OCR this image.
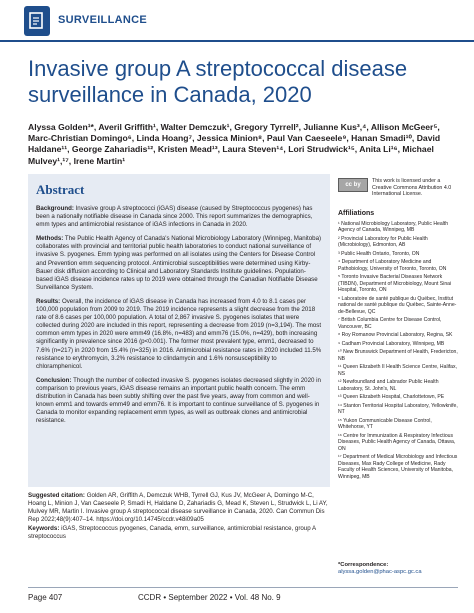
SURVEILLANCE
Invasive group A streptococcal disease surveillance in Canada, 2020
Alyssa Golden¹*, Averil Griffith¹, Walter Demczuk¹, Gregory Tyrrell², Julianne Kus³,⁴, Allison McGeer⁵, Marc-Christian Domingo⁶, Linda Hoang⁷, Jessica Minion⁸, Paul Van Caeseele⁹, Hanan Smadi¹⁰, David Haldane¹¹, George Zahariadis¹², Kristen Mead¹³, Laura Steven¹⁴, Lori Strudwick¹⁵, Anita Li¹⁶, Michael Mulvey¹,¹⁷, Irene Martin¹
Abstract

Background: Invasive group A streptococci (iGAS) disease (caused by Streptococcus pyogenes) has been a nationally notifiable disease in Canada since 2000. This report summarizes the demographics, emm types and antimicrobial resistance of iGAS infections in Canada in 2020.

Methods: The Public Health Agency of Canada's National Microbiology Laboratory (Winnipeg, Manitoba) collaborates with provincial and territorial public health laboratories to conduct national surveillance of invasive S. pyogenes. Emm typing was performed on all isolates using the Centers for Disease Control and Prevention emm sequencing protocol. Antimicrobial susceptibilities were determined using Kirby-Bauer disk diffusion according to Clinical and Laboratory Standards Institute guidelines. Population-based iGAS disease incidence rates up to 2019 were obtained through the Canadian Notifiable Disease Surveillance System.

Results: Overall, the incidence of iGAS disease in Canada has increased from 4.0 to 8.1 cases per 100,000 population from 2009 to 2019. The 2019 incidence represents a slight decrease from the 2018 rate of 8.6 cases per 100,000 population. A total of 2,867 invasive S. pyogenes isolates that were collected during 2020 are included in this report, representing a decrease from 2019 (n=3,194). The most common emm types in 2020 were emm49 (16.8%, n=483) and emm76 (15.0%, n=429), both increasing significantly in prevalence since 2016 (p<0.001). The former most prevalent type, emm1, decreased to 7.6% (n=217) in 2020 from 15.4% (n=325) in 2016. Antimicrobial resistance rates in 2020 included 11.5% resistance to erythromycin, 3.2% resistance to clindamycin and 1.6% nonsusceptibility to chloramphenicol.

Conclusion: Though the number of collected invasive S. pyogenes isolates decreased slightly in 2020 in comparison to previous years, iGAS disease remains an important public health concern. The emm distribution in Canada has been subtly shifting over the past five years, away from common and well-known emm1 and towards emm49 and emm76. It is important to continue surveillance of S. pyogenes in Canada to monitor expanding replacement emm types, as well as outbreak clones and antimicrobial resistance.

Suggested citation: Golden AR, Griffith A, Demczuk WHB, Tyrrell GJ, Kus JV, McGeer A, Domingo M-C, Hoang L, Minion J, Van Caeseele P, Smadi H, Haldane D, Zahariadis G, Mead K, Steven L, Strudwick L, Li AY, Mulvey MR, Martin I. Invasive group A streptococcal disease surveillance in Canada, 2020. Can Commun Dis Rep 2022;48(9):407–14. https://doi.org/10.14745/ccdr.v48i09a05

Keywords: iGAS, Streptococcus pyogenes, Canada, emm, surveillance, antimicrobial resistance, group A streptococcus

cc by
This work is licensed under a Creative Commons Attribution 4.0 International License.
Affiliations
¹ National Microbiology Laboratory, Public Health Agency of Canada, Winnipeg, MB
² Provincial Laboratory for Public Health (Microbiology), Edmonton, AB
³ Public Health Ontario, Toronto, ON
⁴ Department of Laboratory Medicine and Pathobiology, University of Toronto, Toronto, ON
⁵ Toronto Invasive Bacterial Diseases Network (TIBDN), Department of Microbiology, Mount Sinai Hospital, Toronto, ON
⁶ Laboratoire de santé publique du Québec, Institut national de santé publique du Québec, Sainte-Anne-de-Bellevue, QC
⁷ British Columbia Centre for Disease Control, Vancouver, BC
⁸ Roy Romanow Provincial Laboratory, Regina, SK
⁹ Cadham Provincial Laboratory, Winnipeg, MB
¹⁰ New Brunswick Department of Health, Fredericton, NB
¹¹ Queen Elizabeth II Health Science Centre, Halifax, NS
¹² Newfoundland and Labrador Public Health Laboratory, St. John's, NL
¹³ Queen Elizabeth Hospital, Charlottetown, PE
¹⁴ Stanton Territorial Hospital Laboratory, Yellowknife, NT
¹⁵ Yukon Communicable Disease Control, Whitehorse, YT
¹⁶ Centre for Immunization & Respiratory Infectious Diseases, Public Health Agency of Canada, Ottawa, ON
¹⁷ Department of Medical Microbiology and Infectious Diseases, Max Rady College of Medicine, Rady Faculty of Health Sciences, University of Manitoba, Winnipeg, MB
*Correspondence:
alyssa.golden@phac-aspc.gc.ca
Page 407	CCDR • September 2022 • Vol. 48 No. 9
